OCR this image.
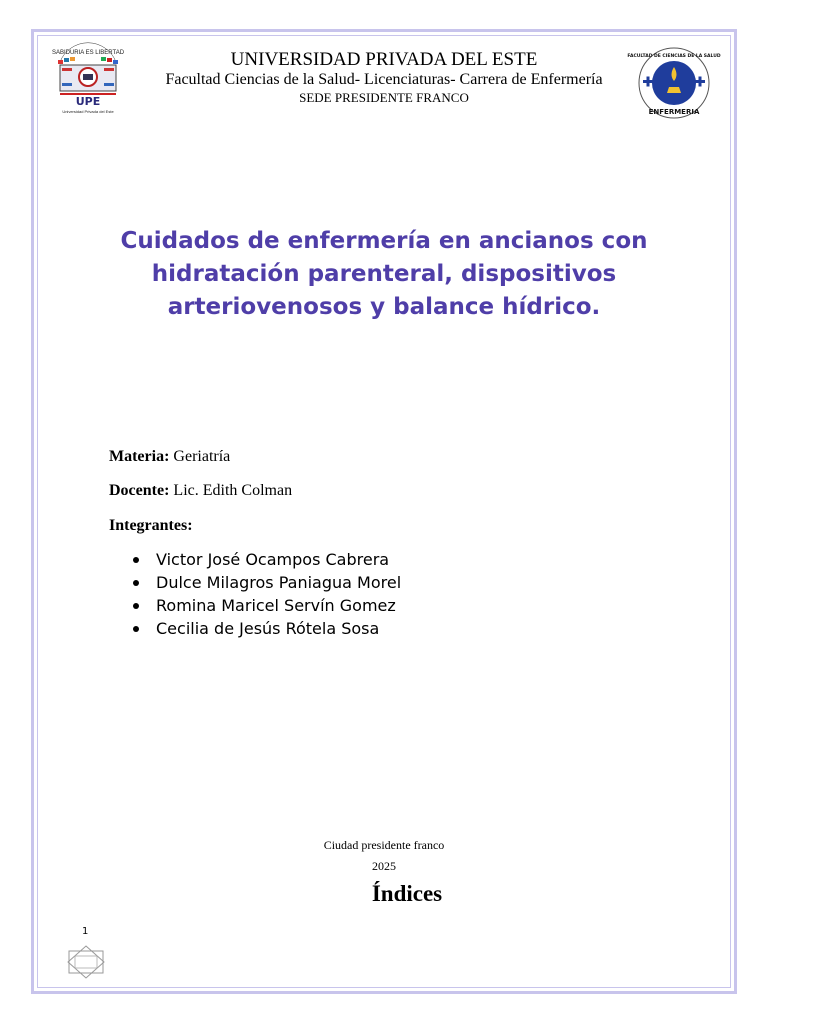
SABIDURIA ES LIBERTAD
UPE
Universidad Privada del Este
FACULTAD DE CIENCIAS DE LA SALUD
ENFERMERIA
UNIVERSIDAD PRIVADA DEL ESTE
Facultad Ciencias de la Salud- Licenciaturas- Carrera de Enfermería
SEDE PRESIDENTE FRANCO
Cuidados de enfermería en ancianos con hidratación parenteral, dispositivos arteriovenosos y balance hídrico.
Materia: Geriatría
Docente: Lic. Edith Colman
Integrantes:
Victor José Ocampos Cabrera
Dulce Milagros Paniagua Morel
Romina Maricel Servín Gomez
Cecilia de Jesús Rótela Sosa
Ciudad presidente franco
2025
Índices
1
